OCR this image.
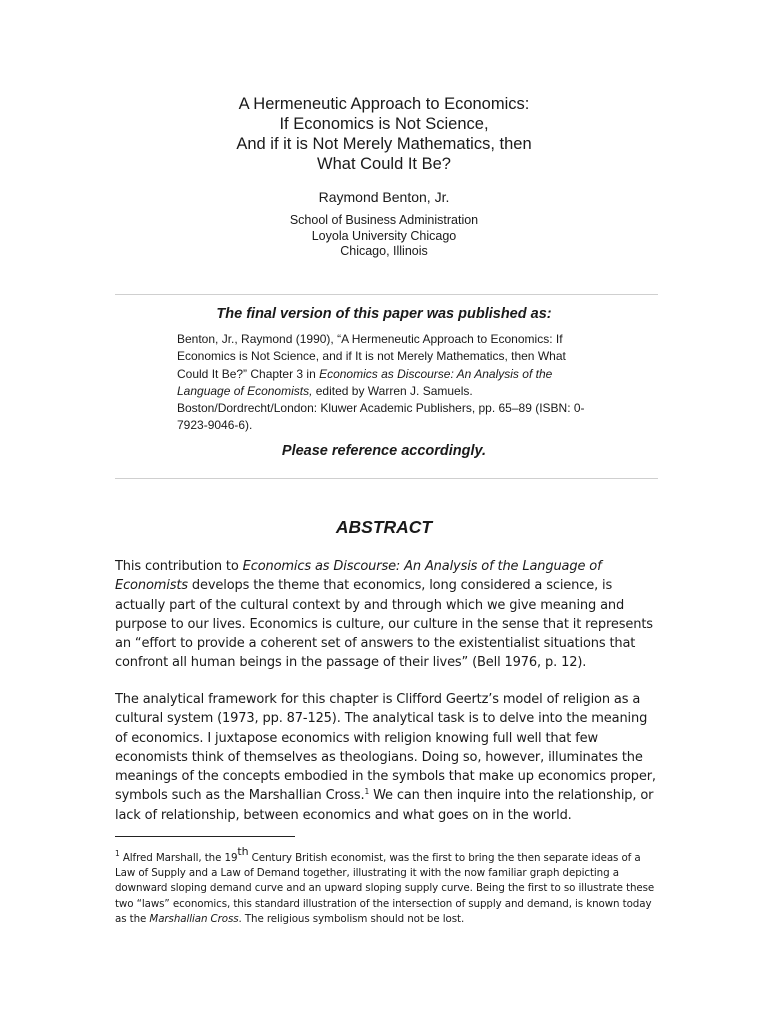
A Hermeneutic Approach to Economics:
If Economics is Not Science,
And if it is Not Merely Mathematics, then
What Could It Be?
Raymond Benton, Jr.
School of Business Administration
Loyola University Chicago
Chicago, Illinois
The final version of this paper was published as:
Benton, Jr., Raymond (1990), “A Hermeneutic Approach to Economics: If Economics is Not Science, and if It is not Merely Mathematics, then What Could It Be?” Chapter 3 in Economics as Discourse: An Analysis of the Language of Economists, edited by Warren J. Samuels. Boston/Dordrecht/London: Kluwer Academic Publishers, pp. 65–89 (ISBN: 0-7923-9046-6).
Please reference accordingly.
ABSTRACT
This contribution to Economics as Discourse: An Analysis of the Language of Economists develops the theme that economics, long considered a science, is actually part of the cultural context by and through which we give meaning and purpose to our lives. Economics is culture, our culture in the sense that it represents an “effort to provide a coherent set of answers to the existentialist situations that confront all human beings in the passage of their lives” (Bell 1976, p. 12).
The analytical framework for this chapter is Clifford Geertz’s model of religion as a cultural system (1973, pp. 87-125). The analytical task is to delve into the meaning of economics. I juxtapose economics with religion knowing full well that few economists think of themselves as theologians. Doing so, however, illuminates the meanings of the concepts embodied in the symbols that make up economics proper, symbols such as the Marshallian Cross.$^1$ We can then inquire into the relationship, or lack of relationship, between economics and what goes on in the world.
$^1$ Alfred Marshall, the 19th Century British economist, was the first to bring the then separate ideas of a Law of Supply and a Law of Demand together, illustrating it with the now familiar graph depicting a downward sloping demand curve and an upward sloping supply curve. Being the first to so illustrate these two “laws” economics, this standard illustration of the intersection of supply and demand, is known today as the Marshallian Cross. The religious symbolism should not be lost.
